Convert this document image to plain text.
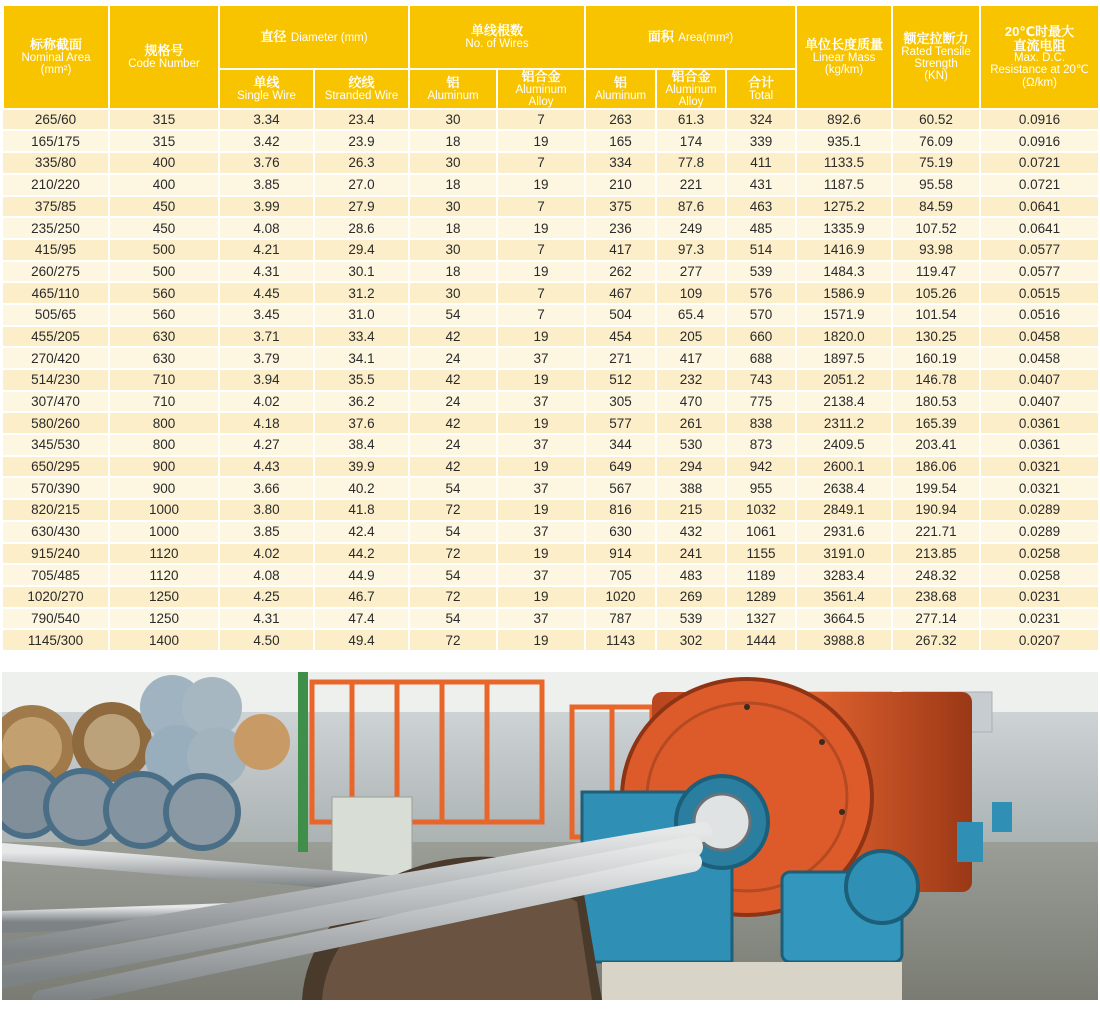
标称截面
Nominal Area
(mm²)	规格号
Code Number	直径 Diameter (mm)		单线根数
No. of Wires		面积 Area(mm²)			单位长度质量
Linear Mass
(kg/km)	额定拉断力
Rated Tensile
Strength
(KN)	20℃时最大
直流电阻
Max. D.C.
Resistance at 20℃
(Ω/km)

		单线
Single Wire	绞线
Stranded Wire	铝
Aluminum	铝合金
Aluminum
Alloy	铝
Aluminum	铝合金
Aluminum
Alloy	合计
Total			

265/60	315	3.34	23.4	30	7	263	61.3	324	892.6	60.52	0.0916
165/175	315	3.42	23.9	18	19	165	174	339	935.1	76.09	0.0916
335/80	400	3.76	26.3	30	7	334	77.8	411	1133.5	75.19	0.0721
210/220	400	3.85	27.0	18	19	210	221	431	1187.5	95.58	0.0721
375/85	450	3.99	27.9	30	7	375	87.6	463	1275.2	84.59	0.0641
235/250	450	4.08	28.6	18	19	236	249	485	1335.9	107.52	0.0641
415/95	500	4.21	29.4	30	7	417	97.3	514	1416.9	93.98	0.0577
260/275	500	4.31	30.1	18	19	262	277	539	1484.3	119.47	0.0577
465/110	560	4.45	31.2	30	7	467	109	576	1586.9	105.26	0.0515
505/65	560	3.45	31.0	54	7	504	65.4	570	1571.9	101.54	0.0516
455/205	630	3.71	33.4	42	19	454	205	660	1820.0	130.25	0.0458
270/420	630	3.79	34.1	24	37	271	417	688	1897.5	160.19	0.0458
514/230	710	3.94	35.5	42	19	512	232	743	2051.2	146.78	0.0407
307/470	710	4.02	36.2	24	37	305	470	775	2138.4	180.53	0.0407
580/260	800	4.18	37.6	42	19	577	261	838	2311.2	165.39	0.0361
345/530	800	4.27	38.4	24	37	344	530	873	2409.5	203.41	0.0361
650/295	900	4.43	39.9	42	19	649	294	942	2600.1	186.06	0.0321
570/390	900	3.66	40.2	54	37	567	388	955	2638.4	199.54	0.0321
820/215	1000	3.80	41.8	72	19	816	215	1032	2849.1	190.94	0.0289
630/430	1000	3.85	42.4	54	37	630	432	1061	2931.6	221.71	0.0289
915/240	1120	4.02	44.2	72	19	914	241	1155	3191.0	213.85	0.0258
705/485	1120	4.08	44.9	54	37	705	483	1189	3283.4	248.32	0.0258
1020/270	1250	4.25	46.7	72	19	1020	269	1289	3561.4	238.68	0.0231
790/540	1250	4.31	47.4	54	37	787	539	1327	3664.5	277.14	0.0231
1145/300	1400	4.50	49.4	72	19	1143	302	1444	3988.8	267.32	0.0207
